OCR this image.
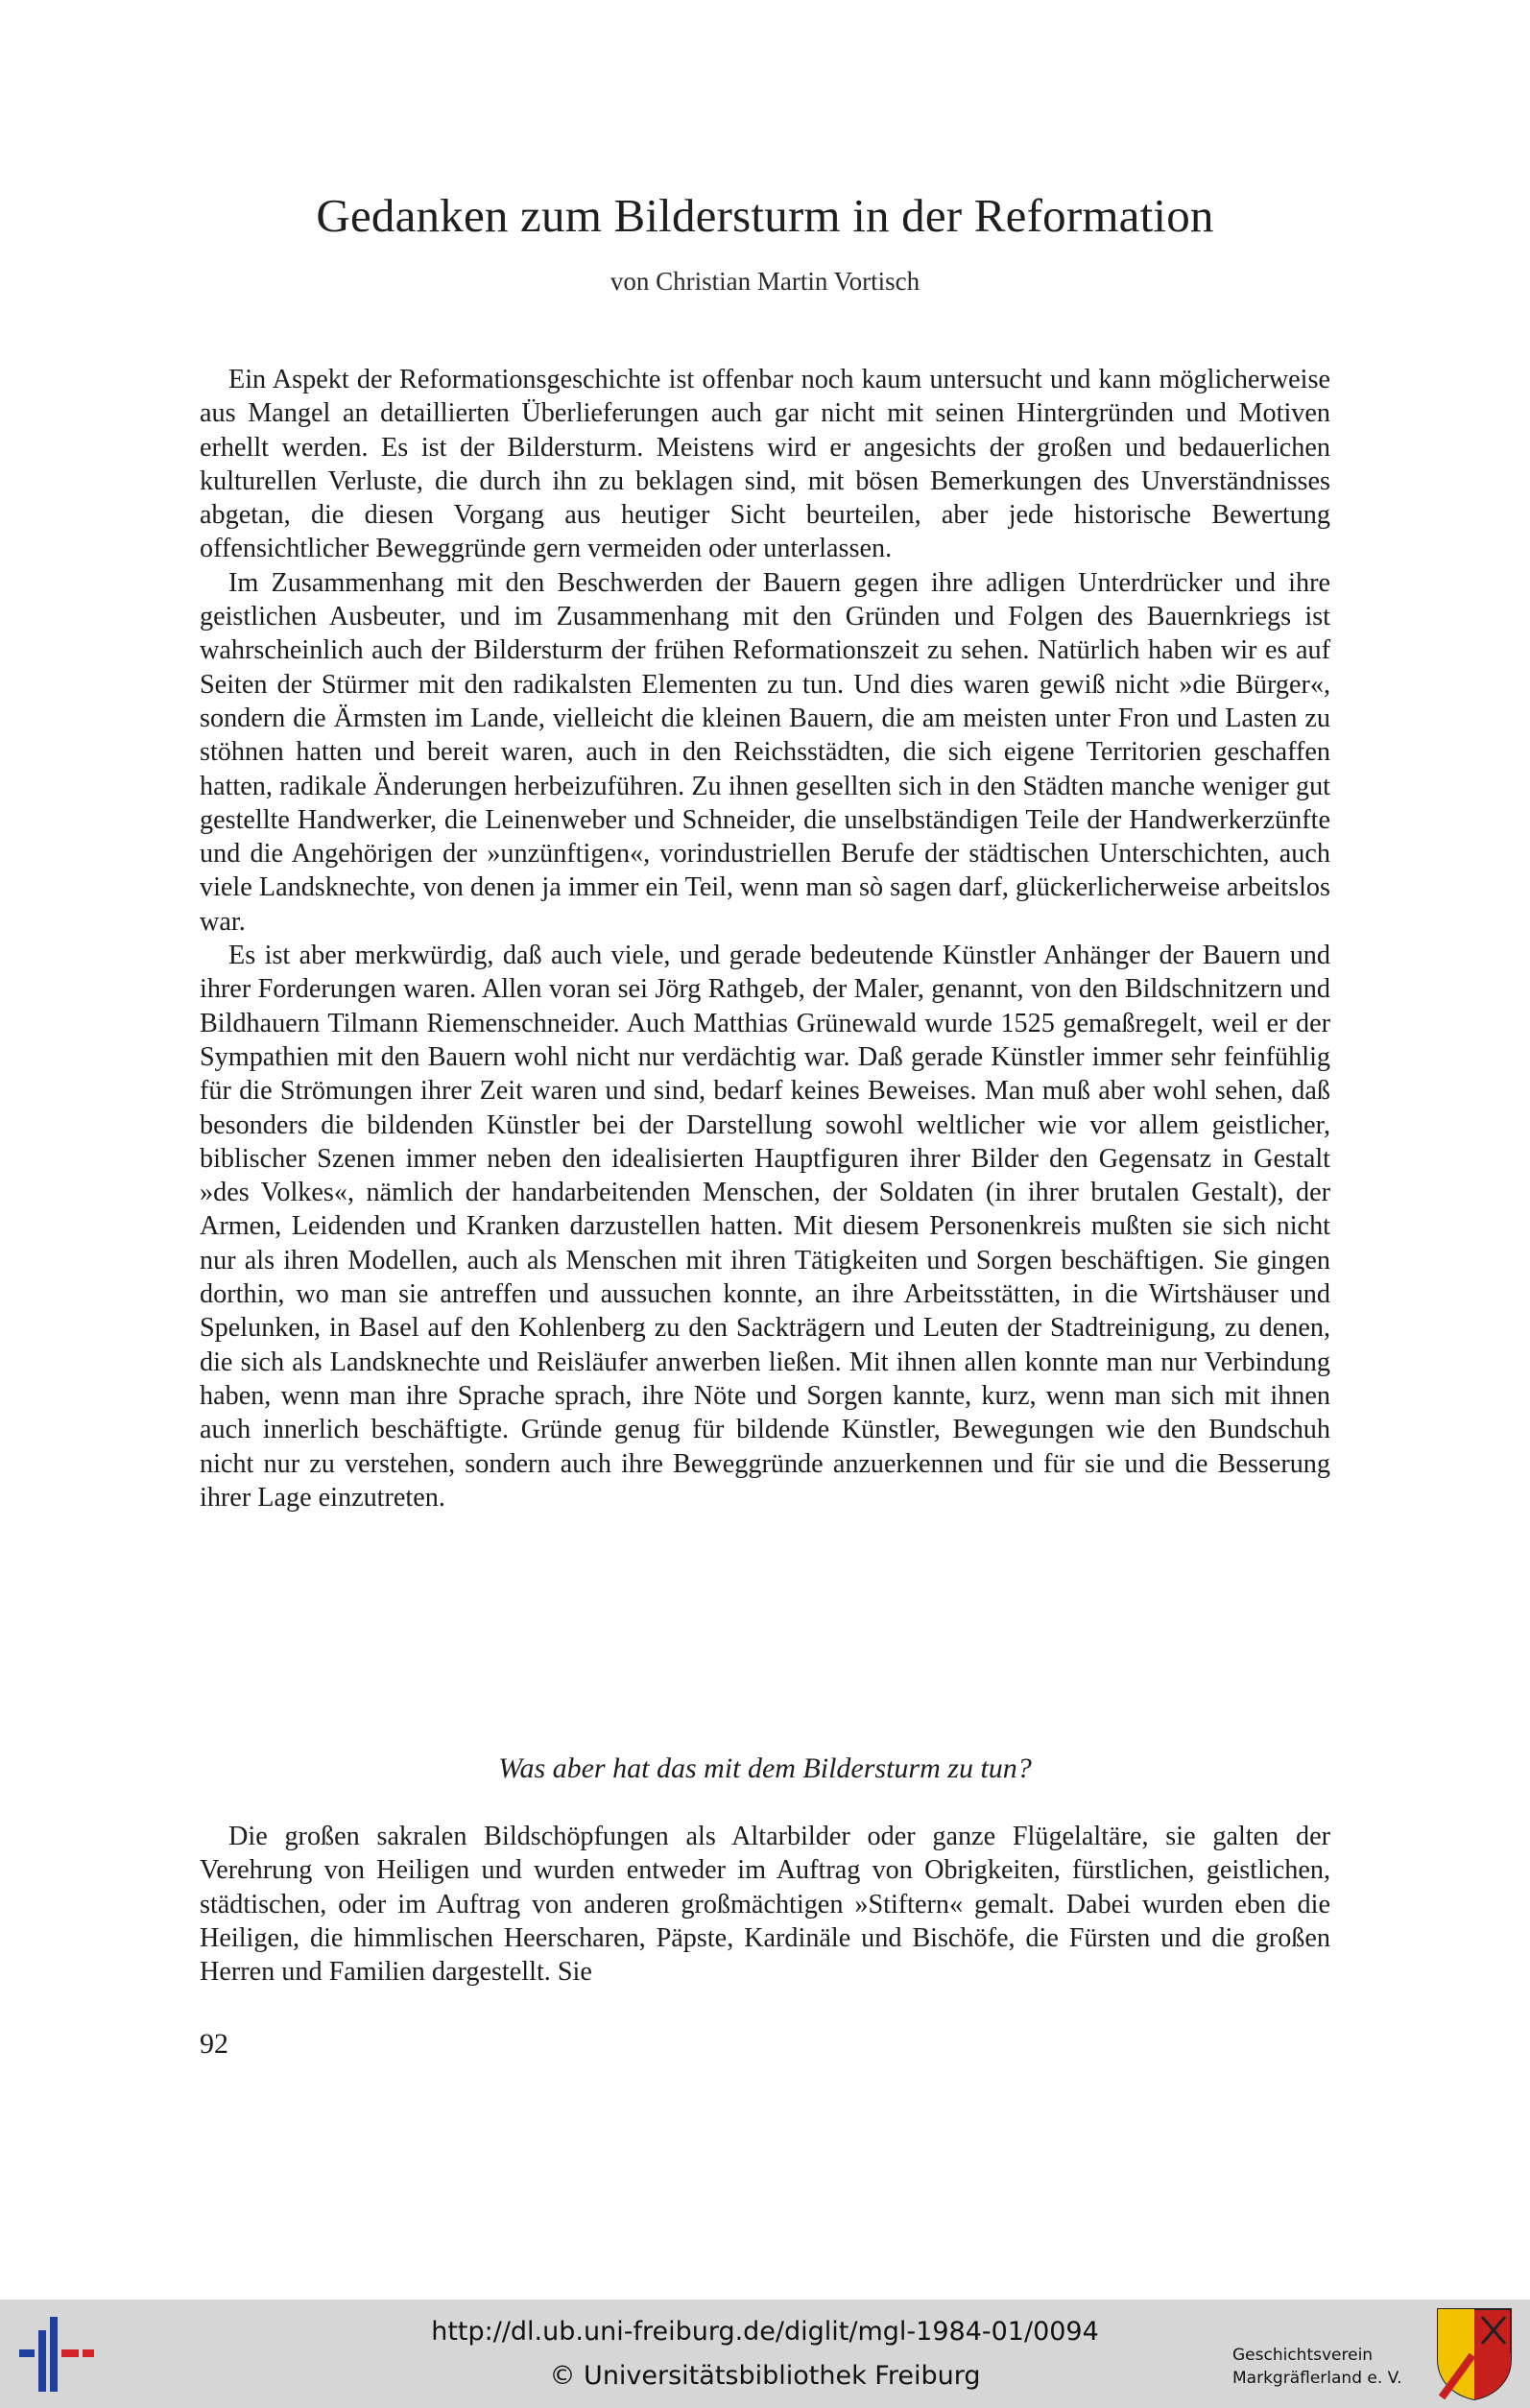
Gedanken zum Bildersturm in der Reformation
von Christian Martin Vortisch

Ein Aspekt der Reformationsgeschichte ist offenbar noch kaum untersucht und kann möglicherweise aus Mangel an detaillierten Überlieferungen auch gar nicht mit seinen Hintergründen und Motiven erhellt werden. Es ist der Bildersturm. Meistens wird er angesichts der großen und bedauerlichen kulturellen Verluste, die durch ihn zu beklagen sind, mit bösen Bemerkungen des Unverständnisses abgetan, die diesen Vorgang aus heutiger Sicht beurteilen, aber jede historische Bewertung offensichtlicher Beweggründe gern vermeiden oder unterlassen.

Im Zusammenhang mit den Beschwerden der Bauern gegen ihre adligen Unterdrücker und ihre geistlichen Ausbeuter, und im Zusammenhang mit den Gründen und Folgen des Bauernkriegs ist wahrscheinlich auch der Bildersturm der frühen Reformationszeit zu sehen. Natürlich haben wir es auf Seiten der Stürmer mit den radikalsten Elementen zu tun. Und dies waren gewiß nicht »die Bürger«, sondern die Ärmsten im Lande, vielleicht die kleinen Bauern, die am meisten unter Fron und Lasten zu stöhnen hatten und bereit waren, auch in den Reichsstädten, die sich eigene Territorien geschaffen hatten, radikale Änderungen herbeizuführen. Zu ihnen gesellten sich in den Städten manche weniger gut gestellte Handwerker, die Leinenweber und Schneider, die unselbständigen Teile der Handwerkerzünfte und die Angehörigen der »unzünftigen«, vorindustriellen Berufe der städtischen Unterschichten, auch viele Landsknechte, von denen ja immer ein Teil, wenn man sò sagen darf, glückerlicherweise arbeitslos war.

Es ist aber merkwürdig, daß auch viele, und gerade bedeutende Künstler Anhänger der Bauern und ihrer Forderungen waren. Allen voran sei Jörg Rathgeb, der Maler, genannt, von den Bildschnitzern und Bildhauern Tilmann Riemenschneider. Auch Matthias Grünewald wurde 1525 gemaßregelt, weil er der Sympathien mit den Bauern wohl nicht nur verdächtig war. Daß gerade Künstler immer sehr feinfühlig für die Strömungen ihrer Zeit waren und sind, bedarf keines Beweises. Man muß aber wohl sehen, daß besonders die bildenden Künstler bei der Darstellung sowohl weltlicher wie vor allem geistlicher, biblischer Szenen immer neben den idealisierten Hauptfiguren ihrer Bilder den Gegensatz in Gestalt »des Volkes«, nämlich der handarbeitenden Menschen, der Soldaten (in ihrer brutalen Gestalt), der Armen, Leidenden und Kranken darzustellen hatten. Mit diesem Personenkreis mußten sie sich nicht nur als ihren Modellen, auch als Menschen mit ihren Tätigkeiten und Sorgen beschäftigen. Sie gingen dorthin, wo man sie antreffen und aussuchen konnte, an ihre Arbeitsstätten, in die Wirtshäuser und Spelunken, in Basel auf den Kohlenberg zu den Sackträgern und Leuten der Stadtreinigung, zu denen, die sich als Landsknechte und Reisläufer anwerben ließen. Mit ihnen allen konnte man nur Verbindung haben, wenn man ihre Sprache sprach, ihre Nöte und Sorgen kannte, kurz, wenn man sich mit ihnen auch innerlich beschäftigte. Gründe genug für bildende Künstler, Bewegungen wie den Bundschuh nicht nur zu verstehen, sondern auch ihre Beweggründe anzuerkennen und für sie und die Besserung ihrer Lage einzutreten.

Was aber hat das mit dem Bildersturm zu tun?

Die großen sakralen Bildschöpfungen als Altarbilder oder ganze Flügelaltäre, sie galten der Verehrung von Heiligen und wurden entweder im Auftrag von Obrigkeiten, fürstlichen, geistlichen, städtischen, oder im Auftrag von anderen großmächtigen »Stiftern« gemalt. Dabei wurden eben die Heiligen, die himmlischen Heerscharen, Päpste, Kardinäle und Bischöfe, die Fürsten und die großen Herren und Familien dargestellt. Sie

92
http://dl.ub.uni-freiburg.de/diglit/mgl-1984-01/0094
© Universitätsbibliothek Freiburg
Geschichtsverein
Markgräflerland e. V.
